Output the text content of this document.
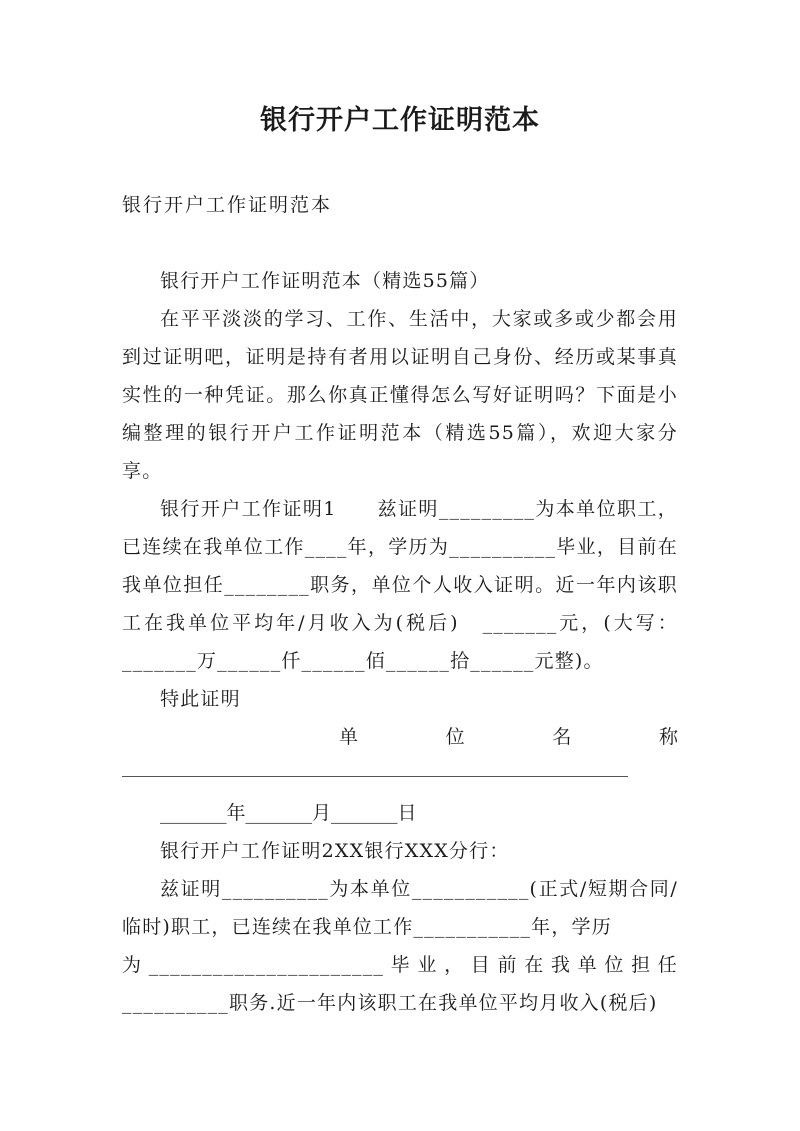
银行开户工作证明范本
银行开户工作证明范本

银行开户工作证明范本（精选55篇）

在平平淡淡的学习、工作、生活中，大家或多或少都会用到过证明吧，证明是持有者用以证明自己身份、经历或某事真实性的一种凭证。那么你真正懂得怎么写好证明吗？下面是小编整理的银行开户工作证明范本（精选55篇），欢迎大家分享。

银行开户工作证明1　　兹证明_________为本单位职工，已连续在我单位工作____年，学历为__________毕业，目前在我单位担任________职务，单位个人收入证明。近一年内该职工在我单位平均年/月收入为(税后)　_______元，(大写：_______万______仟______佰______拾______元整)。

特此证明

单	位	名	称

_______年_______月_______日

银行开户工作证明2XX银行XXX分行：

兹证明__________为本单位___________(正式/短期合同/临时)职工，已连续在我单位工作___________年，学历

为______________________毕业，目前在我单位担任

__________职务.近一年内该职工在我单位平均月收入(税后)
